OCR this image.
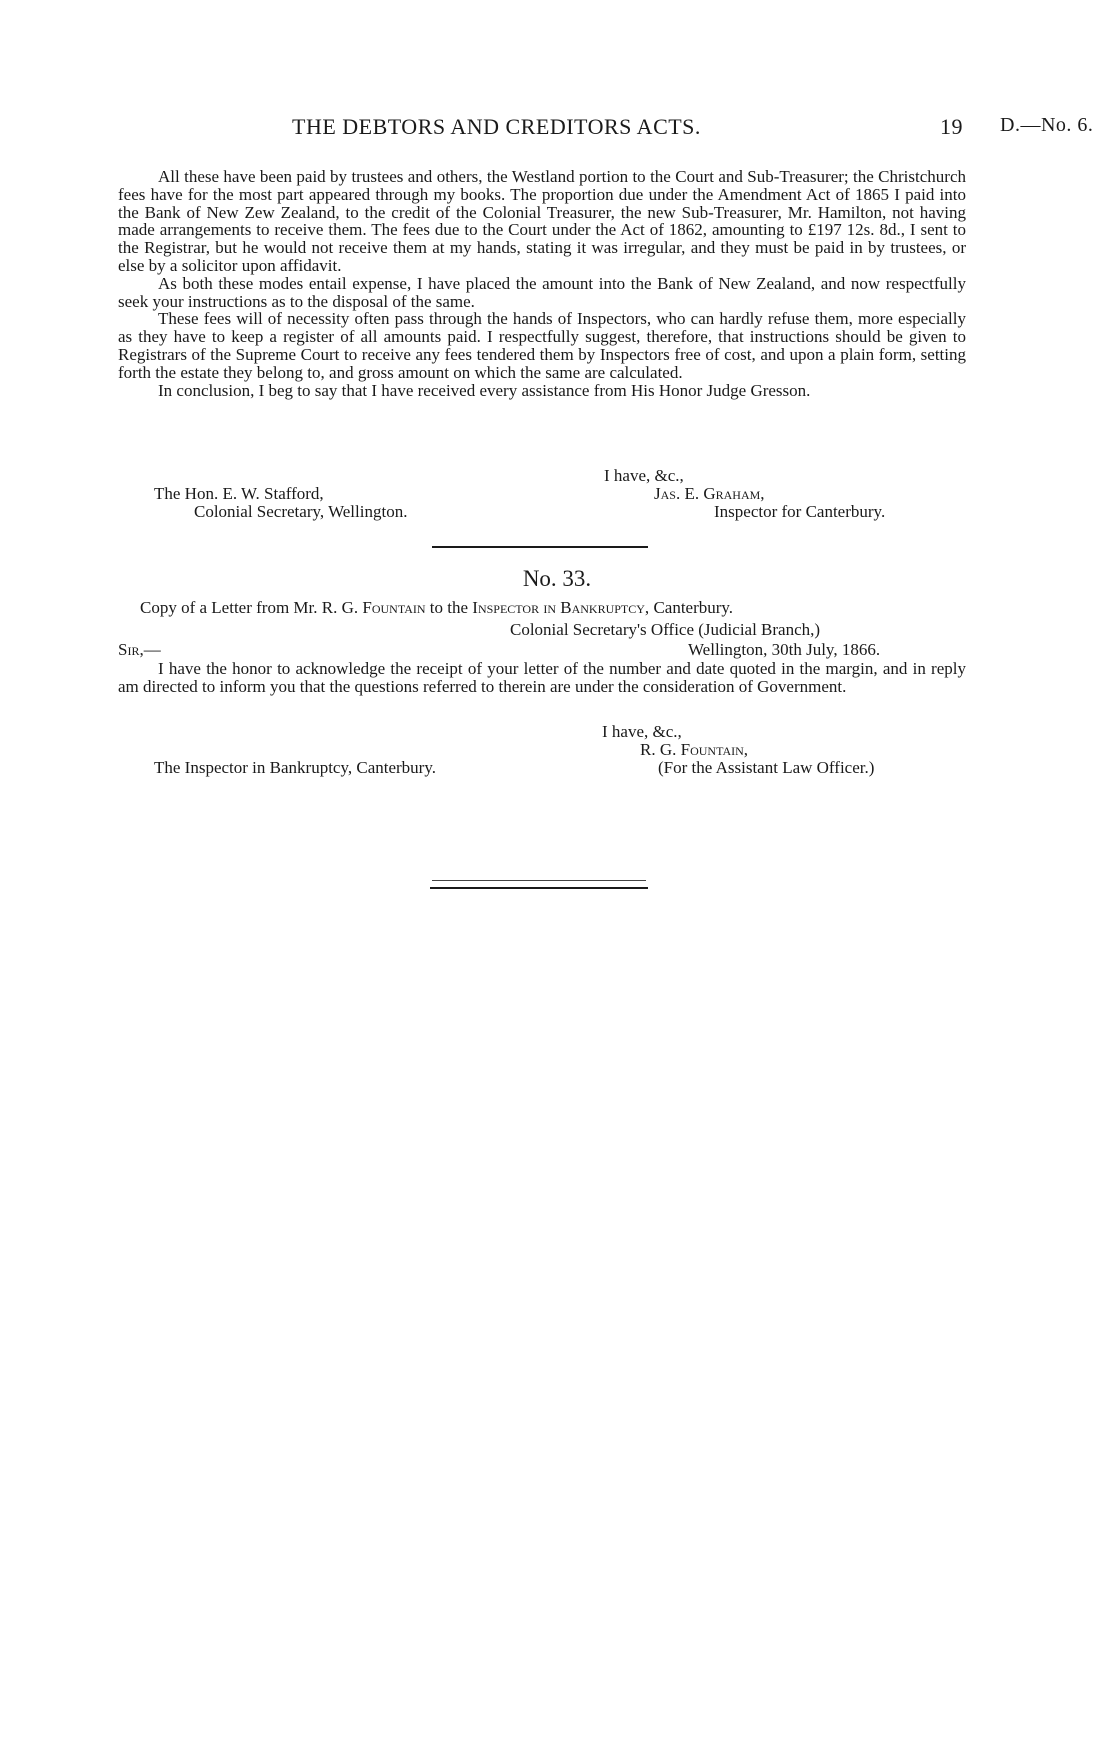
THE DEBTORS AND CREDITORS ACTS.	19 D.—No. 6.

All these have been paid by trustees and others, the Westland portion to the Court and Sub-Treasurer; the Christchurch fees have for the most part appeared through my books. The proportion due under the Amendment Act of 1865 I paid into the Bank of New Zew Zealand, to the credit of the Colonial Treasurer, the new Sub-Treasurer, Mr. Hamilton, not having made arrangements to receive them. The fees due to the Court under the Act of 1862, amounting to £197 12s. 8d., I sent to the Registrar, but he would not receive them at my hands, stating it was irregular, and they must be paid in by trustees, or else by a solicitor upon affidavit.

As both these modes entail expense, I have placed the amount into the Bank of New Zealand, and now respectfully seek your instructions as to the disposal of the same.

These fees will of necessity often pass through the hands of Inspectors, who can hardly refuse them, more especially as they have to keep a register of all amounts paid. I respectfully suggest, therefore, that instructions should be given to Registrars of the Supreme Court to receive any fees tendered them by Inspectors free of cost, and upon a plain form, setting forth the estate they belong to, and gross amount on which the same are calculated.

In conclusion, I beg to say that I have received every assistance from His Honor Judge Gresson.

I have, &c.,
Jas. E. Graham,
Inspector for Canterbury.
The Hon. E. W. Stafford,
Colonial Secretary, Wellington.
No. 33.
Copy of a Letter from Mr. R. G. Fountain to the Inspector in Bankruptcy, Canterbury.
Colonial Secretary's Office (Judicial Branch,)
Sir,—	Wellington, 30th July, 1866.

I have the honor to acknowledge the receipt of your letter of the number and date quoted in the margin, and in reply am directed to inform you that the questions referred to therein are under the consideration of Government.

I have, &c.,
R. G. Fountain,
(For the Assistant Law Officer.)
The Inspector in Bankruptcy, Canterbury.
